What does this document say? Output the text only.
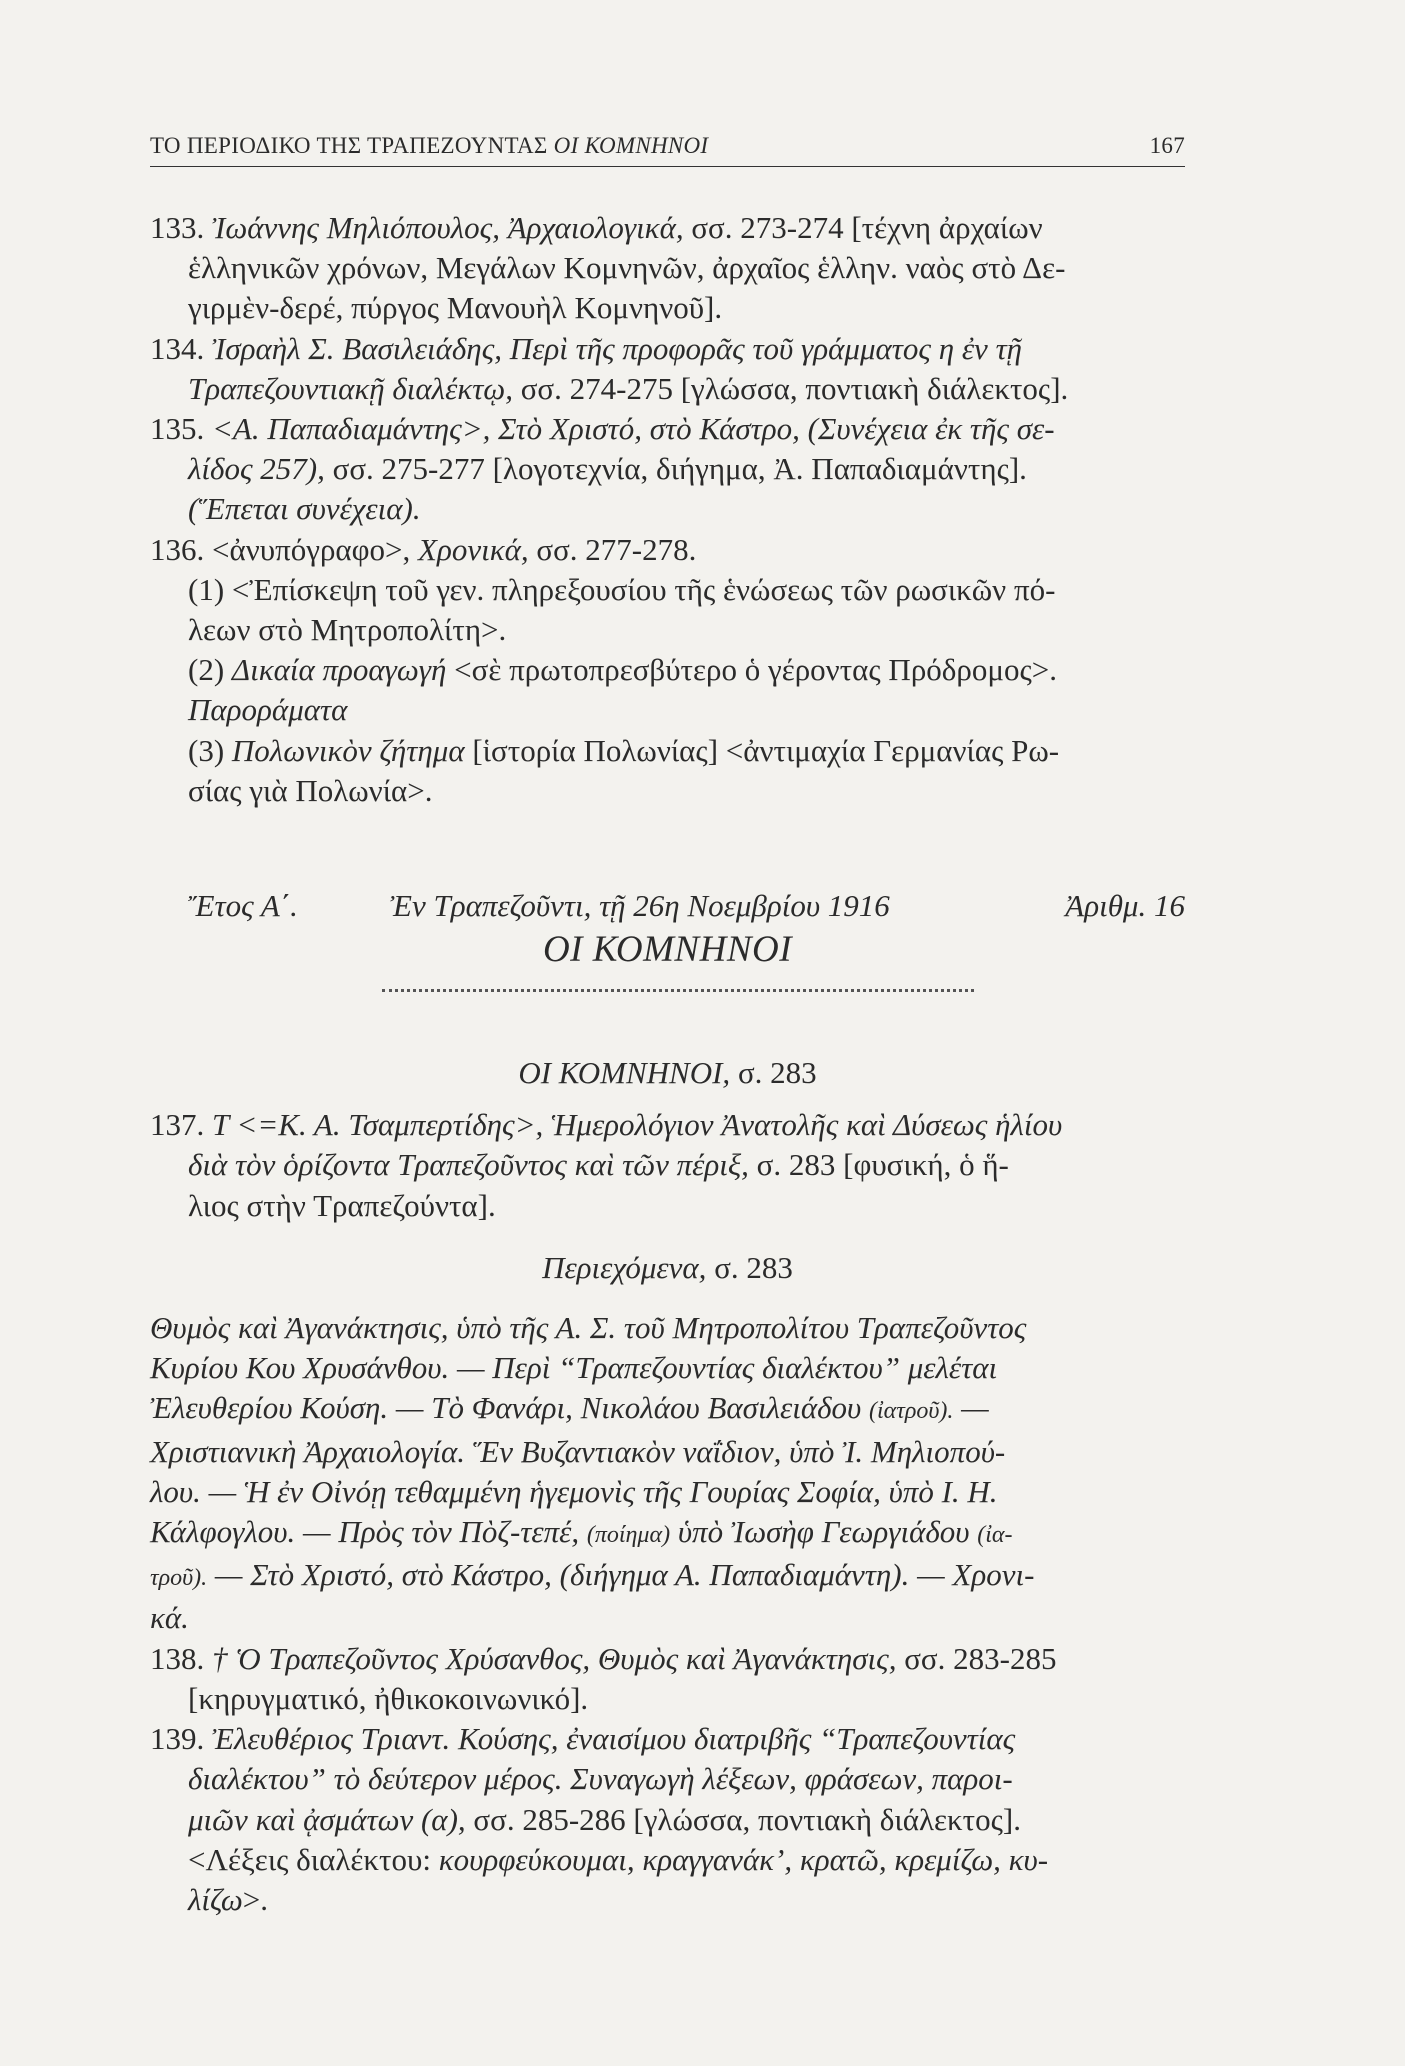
ΤΟ ΠΕΡΙΟΔΙΚΟ ΤΗΣ ΤΡΑΠΕΖΟΥΝΤΑΣ ΟΙ ΚΟΜΝΗΝΟΙ	167

133. Ἰωάννης Μηλιόπουλος, Ἀρχαιολογικά, σσ. 273-274 [τέχνη ἀρχαίων

ἑλληνικῶν χρόνων, Μεγάλων Κομνηνῶν, ἀρχαῖος ἑλλην. ναὸς στὸ Δε-

γιρμὲν-δερέ, πύργος Μανουὴλ Κομνηνοῦ].

134. Ἰσραὴλ Σ. Βασιλειάδης, Περὶ τῆς προφορᾶς τοῦ γράμματος η ἐν τῇ

Τραπεζουντιακῇ διαλέκτῳ, σσ. 274-275 [γλώσσα, ποντιακὴ διάλεκτος].

135. <Α. Παπαδιαμάντης>, Στὸ Χριστό, στὸ Κάστρο, (Συνέχεια ἐκ τῆς σε-

λίδος 257), σσ. 275-277 [λογοτεχνία, διήγημα, Ἀ. Παπαδιαμάντης].

(Ἕπεται συνέχεια).

136. <ἀνυπόγραφο>, Χρονικά, σσ. 277-278.

(1) <Ἐπίσκεψη τοῦ γεν. πληρεξουσίου τῆς ἑνώσεως τῶν ρωσικῶν πό-

λεων στὸ Μητροπολίτη>.

(2) Δικαία προαγωγή <σὲ πρωτοπρεσβύτερο ὁ γέροντας Πρόδρομος>.

Παροράματα

(3) Πολωνικὸν ζήτημα [ἱστορία Πολωνίας] <ἀντιμαχία Γερμανίας Ρω-

σίας γιὰ Πολωνία>.

Ἔτος Α΄.	Ἐν Τραπεζοῦντι, τῇ 26η Νοεμβρίου 1916	Ἀριθμ. 16
ΟΙ ΚΟΜΝΗΝΟΙ

ΟΙ ΚΟΜΝΗΝΟΙ, σ. 283

137. Τ <=Κ. Α. Τσαμπερτίδης>, Ἡμερολόγιον Ἀνατολῆς καὶ Δύσεως ἡλίου

διὰ τὸν ὁρίζοντα Τραπεζοῦντος καὶ τῶν πέριξ, σ. 283 [φυσική, ὁ ἥ-

λιος στὴν Τραπεζούντα].

Περιεχόμενα, σ. 283

Θυμὸς καὶ Ἀγανάκτησις, ὑπὸ τῆς Α. Σ. τοῦ Μητροπολίτου Τραπεζοῦντος

Κυρίου Κου Χρυσάνθου. — Περὶ “Τραπεζουντίας διαλέκτου” μελέται

Ἐλευθερίου Κούση. — Τὸ Φανάρι, Νικολάου Βασιλειάδου (ἰατροῦ). —

Χριστιανικὴ Ἀρχαιολογία. Ἕν Βυζαντιακὸν ναΐδιον, ὑπὸ Ἰ. Μηλιοπού-

λου. — Ἡ ἐν Οἰνόῃ τεθαμμένη ἡγεμονὶς τῆς Γουρίας Σοφία, ὑπὸ Ι. Η.

Κάλφογλου. — Πρὸς τὸν Πὸζ-τεπέ, (ποίημα) ὑπὸ Ἰωσὴφ Γεωργιάδου (ἰα-

τροῦ). — Στὸ Χριστό, στὸ Κάστρο, (διήγημα Α. Παπαδιαμάντη). — Χρονι-

κά.

138. † Ὁ Τραπεζοῦντος Χρύσανθος, Θυμὸς καὶ Ἀγανάκτησις, σσ. 283-285

[κηρυγματικό, ἠθικοκοινωνικό].

139. Ἐλευθέριος Τριαντ. Κούσης, ἐναισίμου διατριβῆς “Τραπεζουντίας

διαλέκτου” τὸ δεύτερον μέρος. Συναγωγὴ λέξεων, φράσεων, παροι-

μιῶν καὶ ᾀσμάτων (α), σσ. 285-286 [γλώσσα, ποντιακὴ διάλεκτος].

<Λέξεις διαλέκτου: κουρφεύκουμαι, κραγγανάκ’, κρατῶ, κρεμίζω, κυ-

λίζω>.
